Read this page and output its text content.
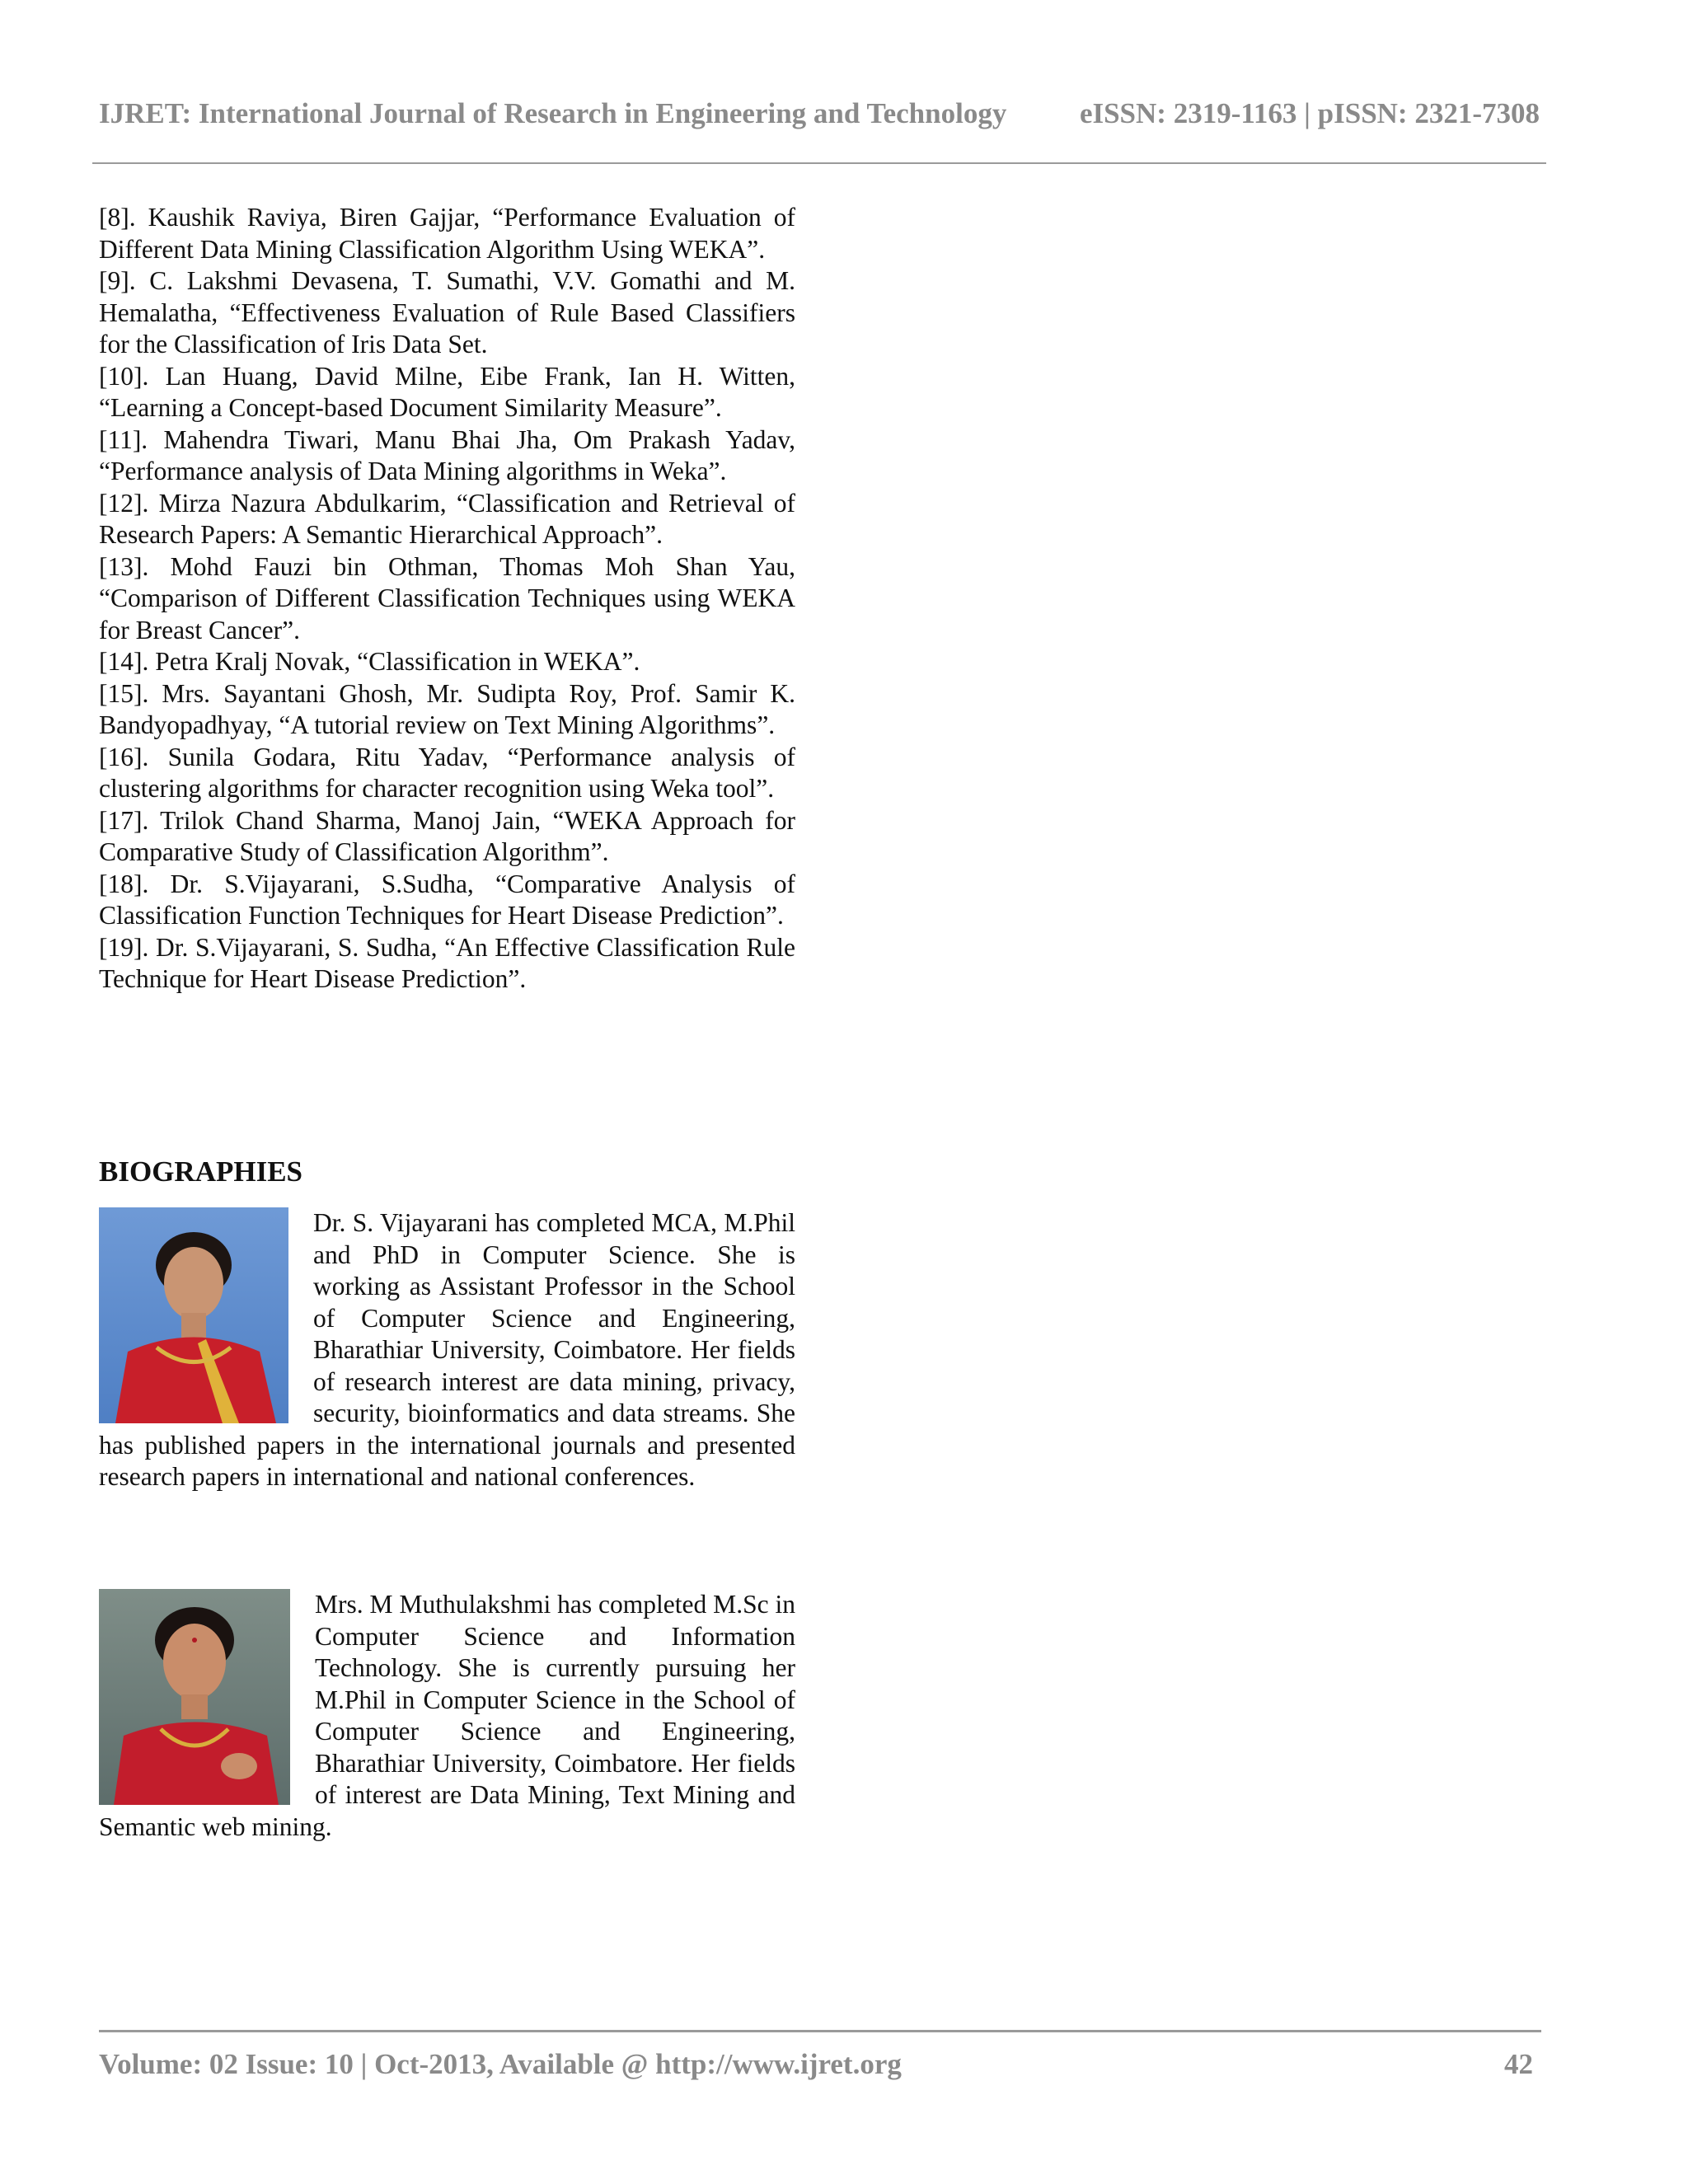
IJRET: International Journal of Research in Engineering and Technology	eISSN: 2319-1163 | pISSN: 2321-7308

[8]. Kaushik Raviya, Biren Gajjar, “Performance Evaluation of Different Data Mining Classification Algorithm Using WEKA”.

[9]. C. Lakshmi Devasena, T. Sumathi, V.V. Gomathi and M. Hemalatha, “Effectiveness Evaluation of Rule Based Classifiers for the Classification of Iris Data Set.

[10]. Lan Huang, David Milne, Eibe Frank, Ian H. Witten, “Learning a Concept-based Document Similarity Measure”.

[11]. Mahendra Tiwari, Manu Bhai Jha, Om Prakash Yadav, “Performance analysis of Data Mining algorithms in Weka”.

[12]. Mirza Nazura Abdulkarim, “Classification and Retrieval of Research Papers: A Semantic Hierarchical Approach”.

[13]. Mohd Fauzi bin Othman, Thomas Moh Shan Yau, “Comparison of Different Classification Techniques using WEKA for Breast Cancer”.

[14]. Petra Kralj Novak, “Classification in WEKA”.

[15]. Mrs. Sayantani Ghosh, Mr. Sudipta Roy, Prof. Samir K. Bandyopadhyay, “A tutorial review on Text Mining Algorithms”.

[16]. Sunila Godara, Ritu Yadav, “Performance analysis of clustering algorithms for character recognition using Weka tool”.

[17]. Trilok Chand Sharma, Manoj Jain, “WEKA Approach for Comparative Study of Classification Algorithm”.

[18]. Dr. S.Vijayarani, S.Sudha, “Comparative Analysis of Classification Function Techniques for Heart Disease Prediction”.

[19]. Dr. S.Vijayarani, S. Sudha, “An Effective Classification Rule Technique for Heart Disease Prediction”.

BIOGRAPHIES
Dr. S. Vijayarani has completed MCA, M.Phil and PhD in Computer Science. She is working as Assistant Professor in the School of Computer Science and Engineering, Bharathiar University, Coimbatore. Her fields of research interest are data mining, privacy, security, bioinformatics and data streams. She has published papers in the international journals and presented research papers in international and national conferences.
Mrs. M Muthulakshmi has completed M.Sc in Computer Science and Information Technology. She is currently pursuing her M.Phil in Computer Science in the School of Computer Science and Engineering, Bharathiar University, Coimbatore. Her fields of interest are Data Mining, Text Mining and Semantic web mining.
Volume: 02 Issue: 10 | Oct-2013, Available @ http://www.ijret.org	42
